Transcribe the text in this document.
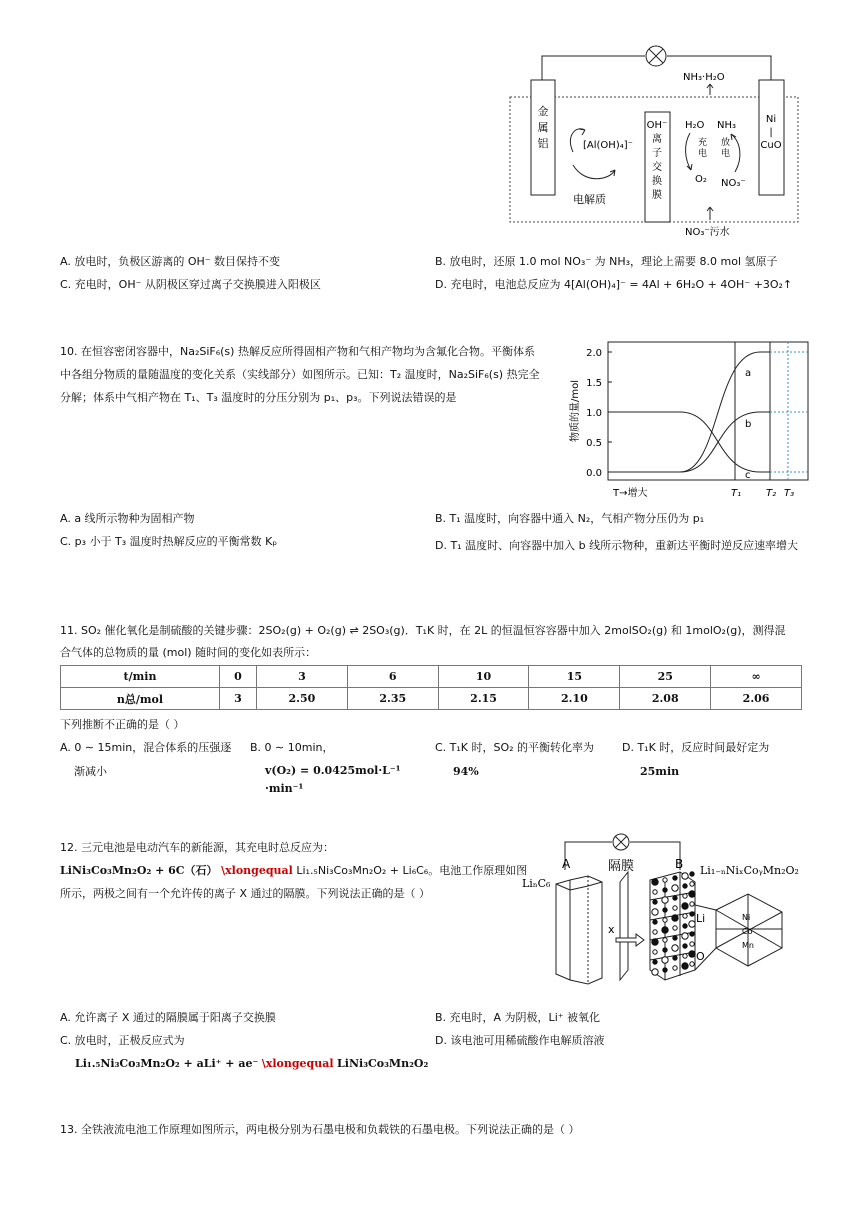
金属铝
Ni
|
CuO
OH⁻离子交换膜
[Al(OH)₄]⁻
电解质
H₂O NH₃
O₂ NO₃⁻
充电
放电
NH₃·H₂O
NO₃⁻污水
A. 放电时，负极区游离的 OH⁻ 数目保持不变	B. 放电时，还原 1.0 mol NO₃⁻ 为 NH₃，理论上需要 8.0 mol 氢原子
C. 充电时，OH⁻ 从阴极区穿过离子交换膜进入阳极区	D. 充电时，电池总反应为 4[Al(OH)₄]⁻ = 4Al + 6H₂O + 4OH⁻ +3O₂↑
10. 在恒容密闭容器中，Na₂SiF₆(s) 热解反应所得固相产物和气相产物均为含氟化合物。平衡体系中各组分物质的量随温度的变化关系（实线部分）如图所示。已知：T₂ 温度时，Na₂SiF₆(s) 热完全分解；体系中气相产物在 T₁、T₃ 温度时的分压分别为 p₁、p₃。下列说法错误的是
2.0
1.5
1.0
0.5
0.0
物质的量/mol
T→增大	T₁ T₂ T₃
a
b
c
A. a 线所示物种为固相产物	B. T₁ 温度时，向容器中通入 N₂，气相产物分压仍为 p₁
C. p₃ 小于 T₃ 温度时热解反应的平衡常数 Kₚ	D. T₁ 温度时、向容器中加入 b 线所示物种，重新达平衡时逆反应速率增大
11. SO₂ 催化氧化是制硫酸的关键步骤：2SO₂(g) + O₂(g) ⇌ 2SO₃(g)．T₁K 时，在 2L 的恒温恒容容器中加入 2molSO₂(g) 和 1molO₂(g)，测得混
合气体的总物质的量 (mol) 随时间的变化如表所示：
t/min	0	3	6	10	15	25	∞
n总/mol	3	2.50	2.35	2.15	2.10	2.08	2.06
下列推断不正确的是（ ）
A. 0 ∼ 15min，混合体系的压强逐
渐减小
B. 0 ∼ 10min，
v(O₂) = 0.0425mol·L⁻¹
·min⁻¹
C. T₁K 时，SO₂ 的平衡转化率为
94%
D. T₁K 时，反应时间最好定为
25min
12. 三元电池是电动汽车的新能源，其充电时总反应为：
LiNi₃Co₃Mn₂O₂ + 6C（石） \xlongequal Li₁.₅Ni₃Co₃Mn₂O₂ + Li₆C₆。电池工作原理如图
所示，两极之间有一个允许传的离子 X 通过的隔膜。下列说法正确的是（ ）
A	B
隔膜	Li₁₋ₙNiₓCoᵧMn₂O₂
LiₙC₆
x
Li
O
Ni
Co
Mn
A. 允许离子 X 通过的隔膜属于阳离子交换膜	B. 充电时，A 为阴极，Li⁺ 被氧化
C. 放电时，正极反应式为	D. 该电池可用稀硫酸作电解质溶液
Li₁.₅Ni₃Co₃Mn₂O₂ + aLi⁺ + ae⁻ \xlongequal LiNi₃Co₃Mn₂O₂
13. 全铁液流电池工作原理如图所示，两电极分别为石墨电极和负载铁的石墨电极。下列说法正确的是（ ）
